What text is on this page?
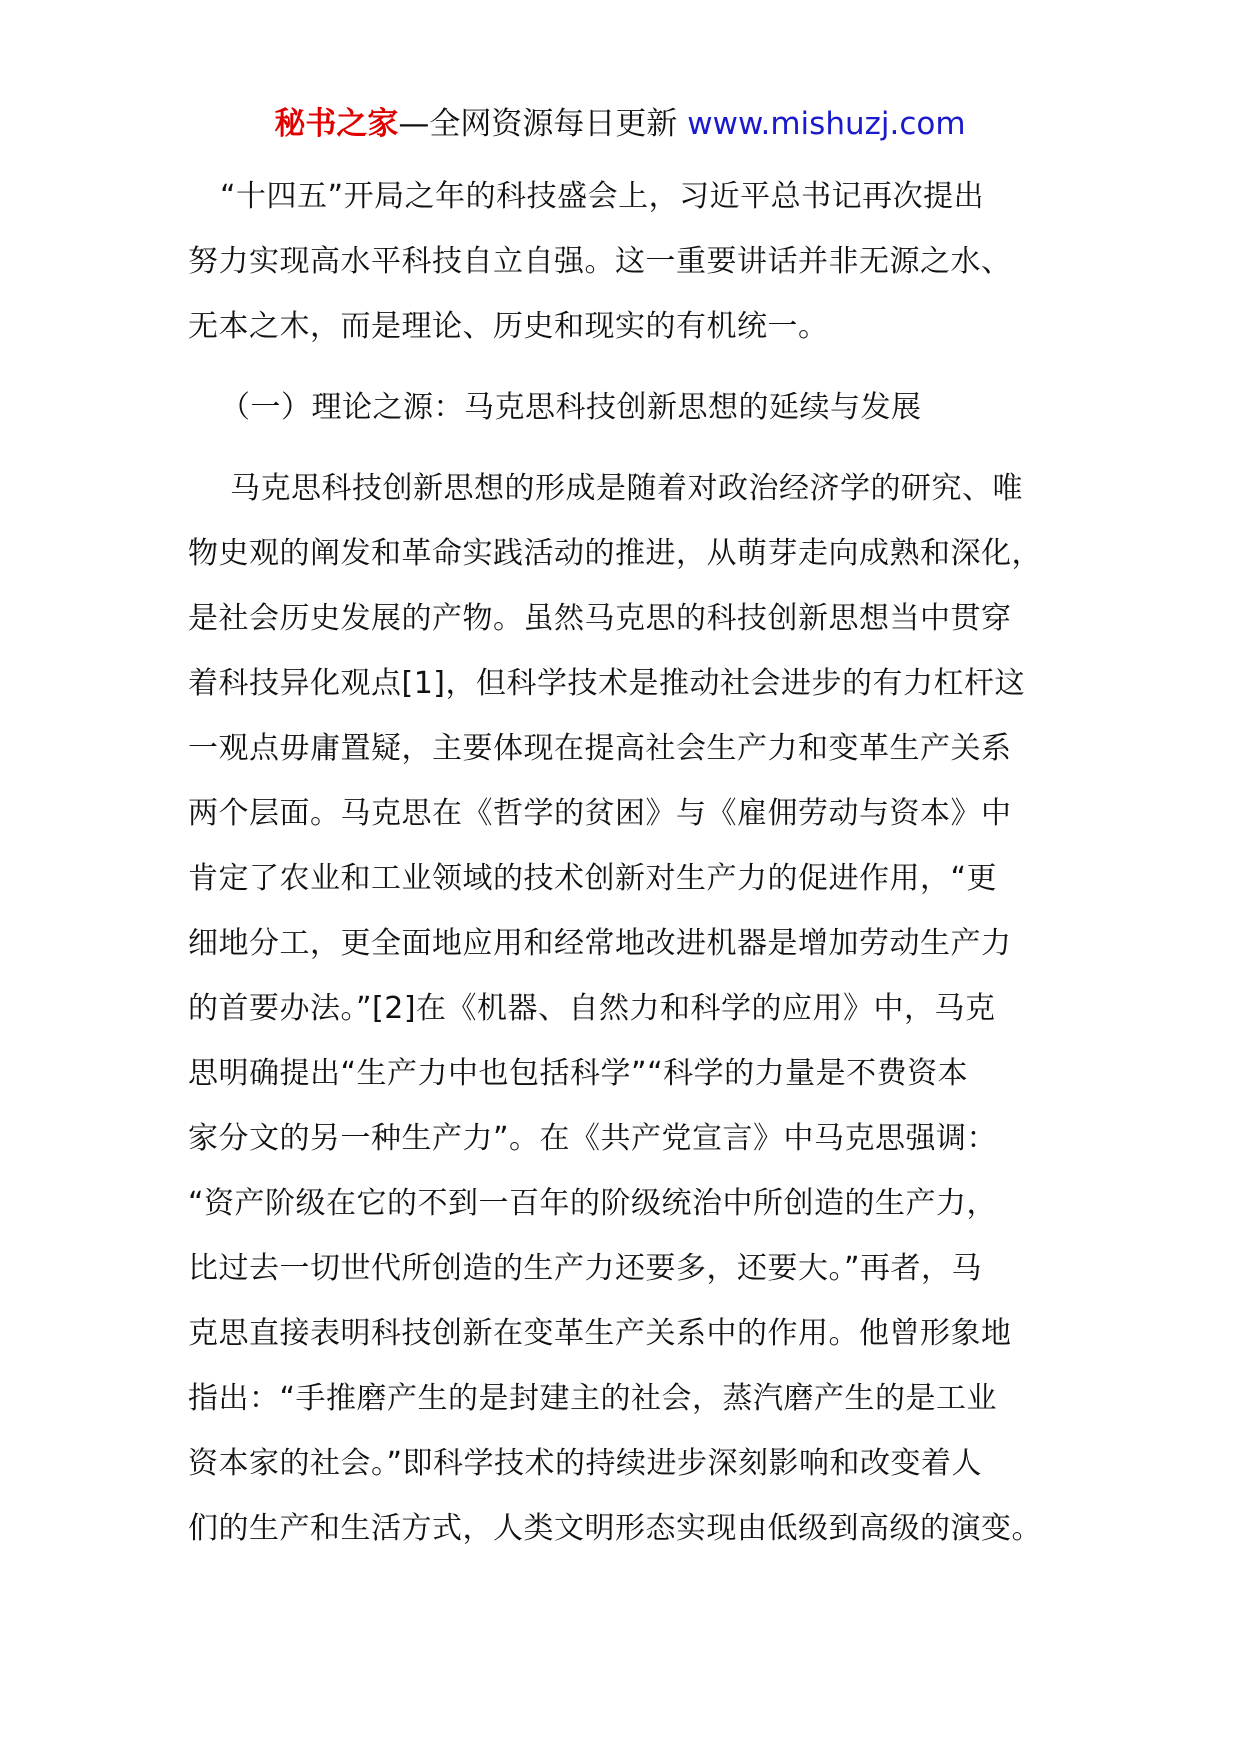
秘书之家—全网资源每日更新 www.mishuzj.com
“十四五”开局之年的科技盛会上，习近平总书记再次提出
努力实现高水平科技自立自强。这一重要讲话并非无源之水、
无本之木，而是理论、历史和现实的有机统一。
（一）理论之源：马克思科技创新思想的延续与发展
马克思科技创新思想的形成是随着对政治经济学的研究、唯
物史观的阐发和革命实践活动的推进，从萌芽走向成熟和深化，
是社会历史发展的产物。虽然马克思的科技创新思想当中贯穿
着科技异化观点[1]，但科学技术是推动社会进步的有力杠杆这
一观点毋庸置疑，主要体现在提高社会生产力和变革生产关系
两个层面。马克思在《哲学的贫困》与《雇佣劳动与资本》中
肯定了农业和工业领域的技术创新对生产力的促进作用，“更
细地分工，更全面地应用和经常地改进机器是增加劳动生产力
的首要办法。”[2]在《机器、自然力和科学的应用》中，马克
思明确提出“生产力中也包括科学”“科学的力量是不费资本
家分文的另一种生产力”。在《共产党宣言》中马克思强调：
“资产阶级在它的不到一百年的阶级统治中所创造的生产力，
比过去一切世代所创造的生产力还要多，还要大。”再者，马
克思直接表明科技创新在变革生产关系中的作用。他曾形象地
指出：“手推磨产生的是封建主的社会，蒸汽磨产生的是工业
资本家的社会。”即科学技术的持续进步深刻影响和改变着人
们的生产和生活方式，人类文明形态实现由低级到高级的演变。
